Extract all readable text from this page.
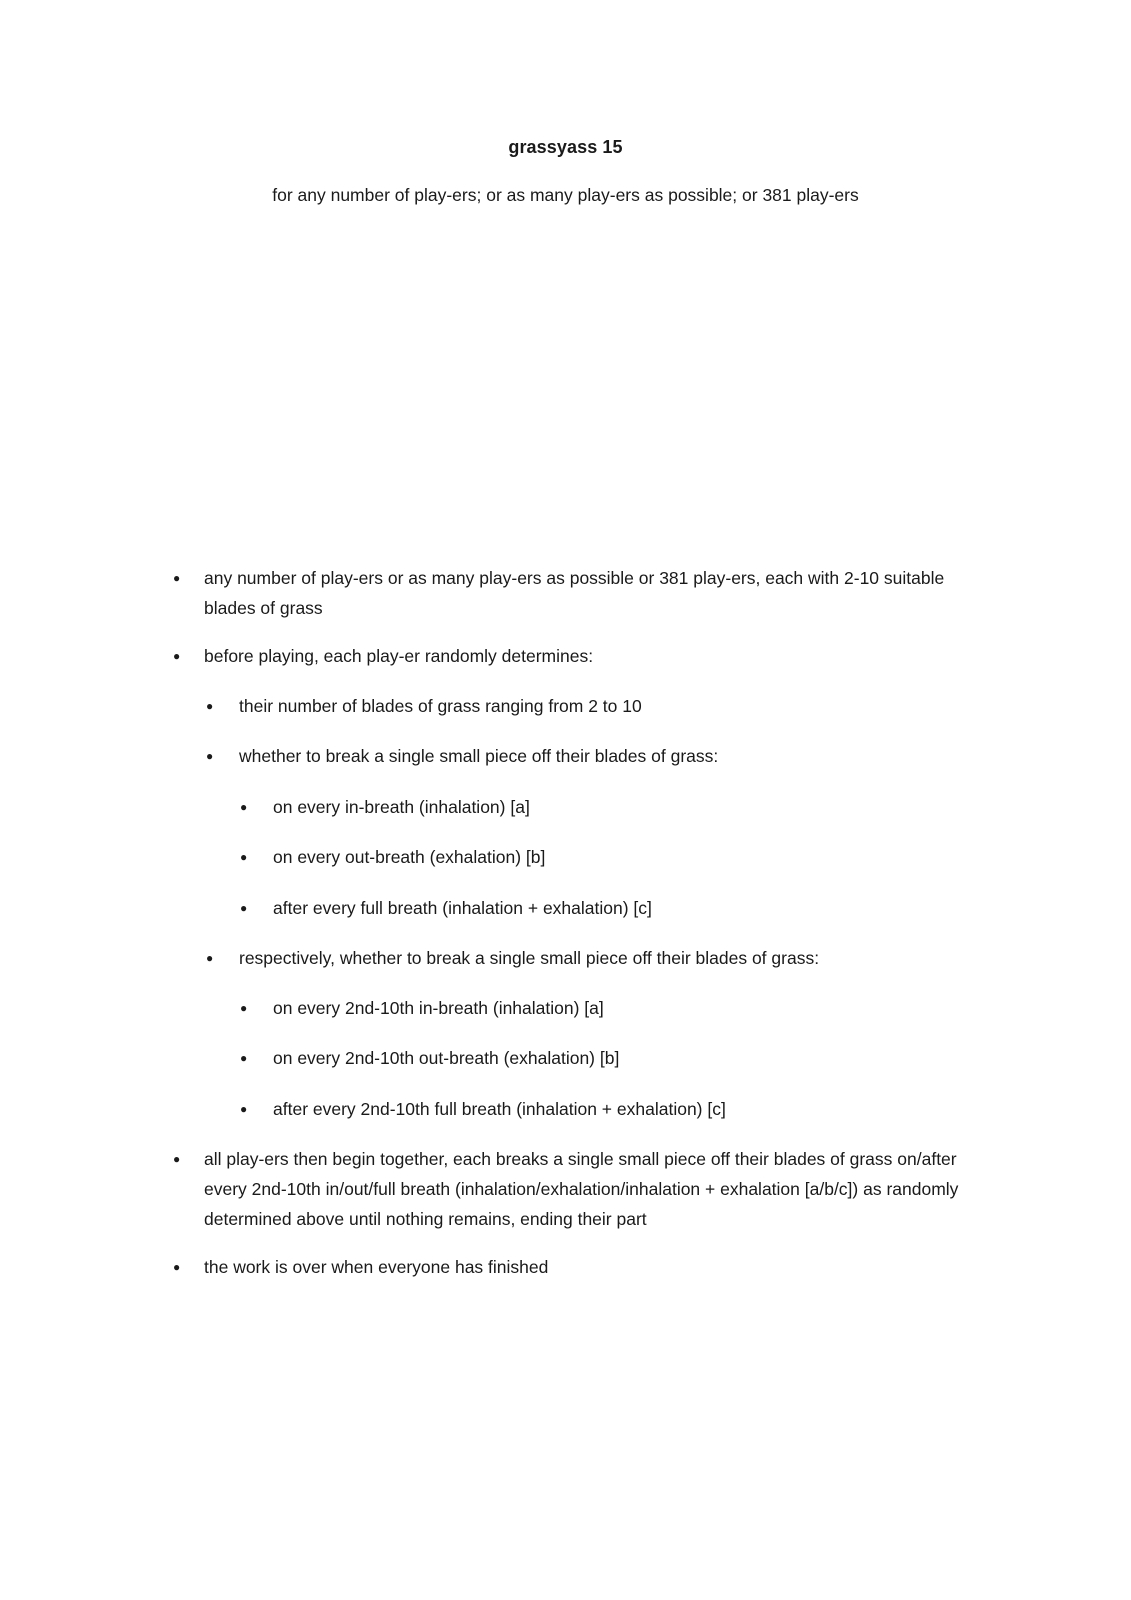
grassyass 15
for any number of play-ers; or as many play-ers as possible; or 381 play-ers
● any number of play-ers or as many play-ers as possible or 381 play-ers, each with 2-10 suitable blades of grass
● before playing, each play-er randomly determines:
● their number of blades of grass ranging from 2 to 10
● whether to break a single small piece off their blades of grass:
● on every in-breath (inhalation) [a]
● on every out-breath (exhalation) [b]
● after every full breath (inhalation + exhalation) [c]
● respectively, whether to break a single small piece off their blades of grass:
● on every 2nd-10th in-breath (inhalation) [a]
● on every 2nd-10th out-breath (exhalation) [b]
● after every 2nd-10th full breath (inhalation + exhalation) [c]
● all play-ers then begin together, each breaks a single small piece off their blades of grass on/after every 2nd-10th in/out/full breath (inhalation/exhalation/inhalation + exhalation [a/b/c]) as randomly determined above until nothing remains, ending their part
● the work is over when everyone has finished
